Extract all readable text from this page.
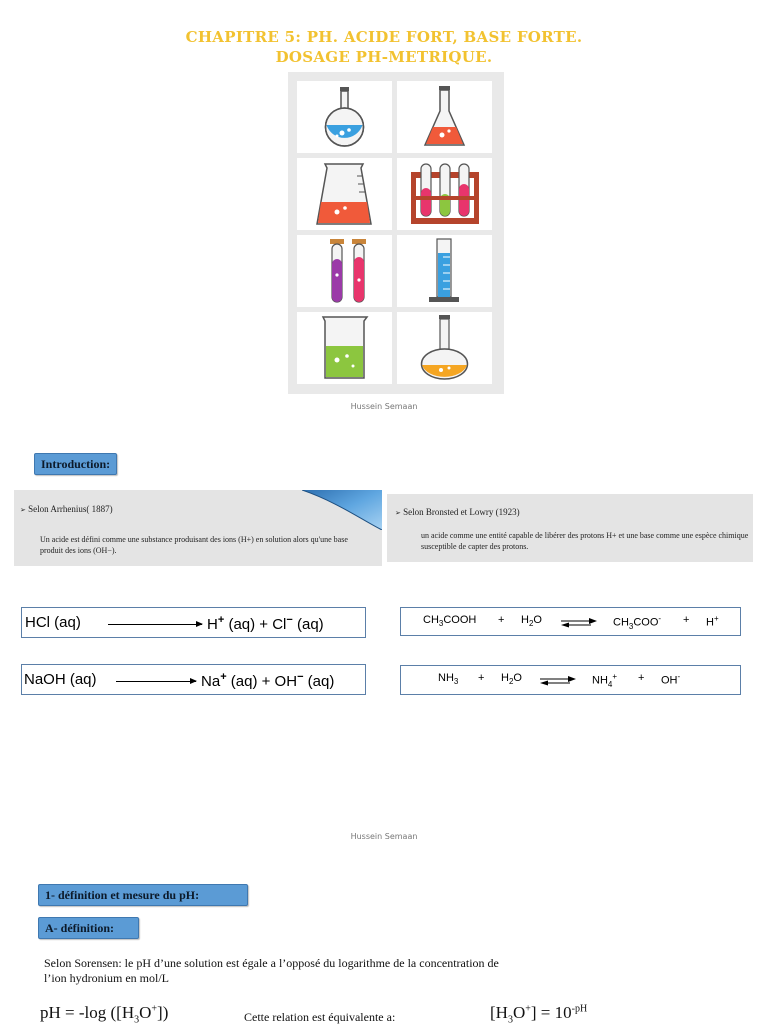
CHAPITRE 5: PH. ACIDE FORT, BASE FORTE.
DOSAGE PH-METRIQUE.
Hussein Semaan
Introduction:
➢ Selon Arrhenius( 1887)
Un acide est défini comme une substance produisant des ions (H+) en solution alors qu'une base produit des ions (OH−).
➢ Selon Bronsted et Lowry (1923)
un acide comme une entité capable de libérer des protons H+ et une base comme une espèce chimique susceptible de capter des protons.
HCl (aq)	H+ (aq) + Cl− (aq)
NaOH (aq)	Na+ (aq) + OH− (aq)
$CH_3COOH + H_2O$ ⇌ $CH_3COO^- + H^+$
$NH_3 + H_2O$ ⇌ $NH_4^+ + OH^-$
Hussein Semaan
1- définition et mesure du pH:
A- définition:
Selon Sorensen: le pH d’une solution est égale a l’opposé du logarithme de la concentration de
l’ion hydronium en mol/L
pH = -log $([H_3O^+])$	Cette relation est équivalente a:	$[H_3O^+] = 10^{-pH}$
